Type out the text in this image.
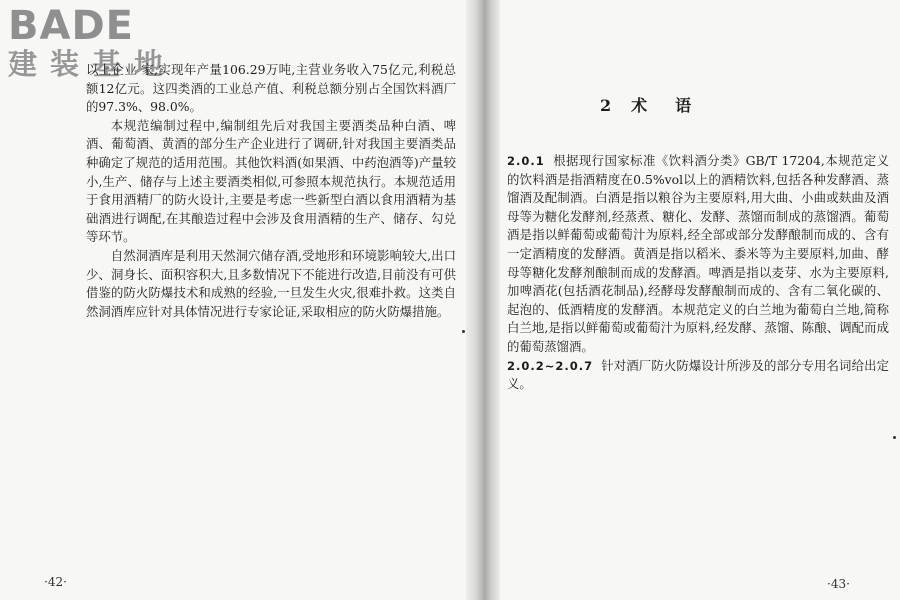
BADE
建装基地

以上企业 家,实现年产量106.29万吨,主营业务收入75亿元,利税总额12亿元。这四类酒的工业总产值、利税总额分别占全国饮料酒厂的97.3%、98.0%。

本规范编制过程中,编制组先后对我国主要酒类品种白酒、啤酒、葡萄酒、黄酒的部分生产企业进行了调研,针对我国主要酒类品种确定了规范的适用范围。其他饮料酒(如果酒、中药泡酒等)产量较小,生产、储存与上述主要酒类相似,可参照本规范执行。本规范适用于食用酒精厂的防火设计,主要是考虑一些新型白酒以食用酒精为基础酒进行调配,在其酿造过程中会涉及食用酒精的生产、储存、勾兑等环节。

自然洞酒库是利用天然洞穴储存酒,受地形和环境影响较大,出口少、洞身长、面积容积大,且多数情况下不能进行改造,目前没有可供借鉴的防火防爆技术和成熟的经验,一旦发生火灾,很难扑救。这类自然洞酒库应针对具体情况进行专家论证,采取相应的防火防爆措施。

2 术语

2.0.1 根据现行国家标准《饮料酒分类》GB/T 17204,本规范定义的饮料酒是指酒精度在0.5%vol以上的酒精饮料,包括各种发酵酒、蒸馏酒及配制酒。白酒是指以粮谷为主要原料,用大曲、小曲或麸曲及酒母等为糖化发酵剂,经蒸煮、糖化、发酵、蒸馏而制成的蒸馏酒。葡萄酒是指以鲜葡萄或葡萄汁为原料,经全部或部分发酵酿制而成的、含有一定酒精度的发酵酒。黄酒是指以稻米、黍米等为主要原料,加曲、酵母等糖化发酵剂酿制而成的发酵酒。啤酒是指以麦芽、水为主要原料,加啤酒花(包括酒花制品),经酵母发酵酿制而成的、含有二氧化碳的、起泡的、低酒精度的发酵酒。本规范定义的白兰地为葡萄白兰地,简称白兰地,是指以鲜葡萄或葡萄汁为原料,经发酵、蒸馏、陈酿、调配而成的葡萄蒸馏酒。

2.0.2~2.0.7 针对酒厂防火防爆设计所涉及的部分专用名词给出定义。

·42·	·43·
